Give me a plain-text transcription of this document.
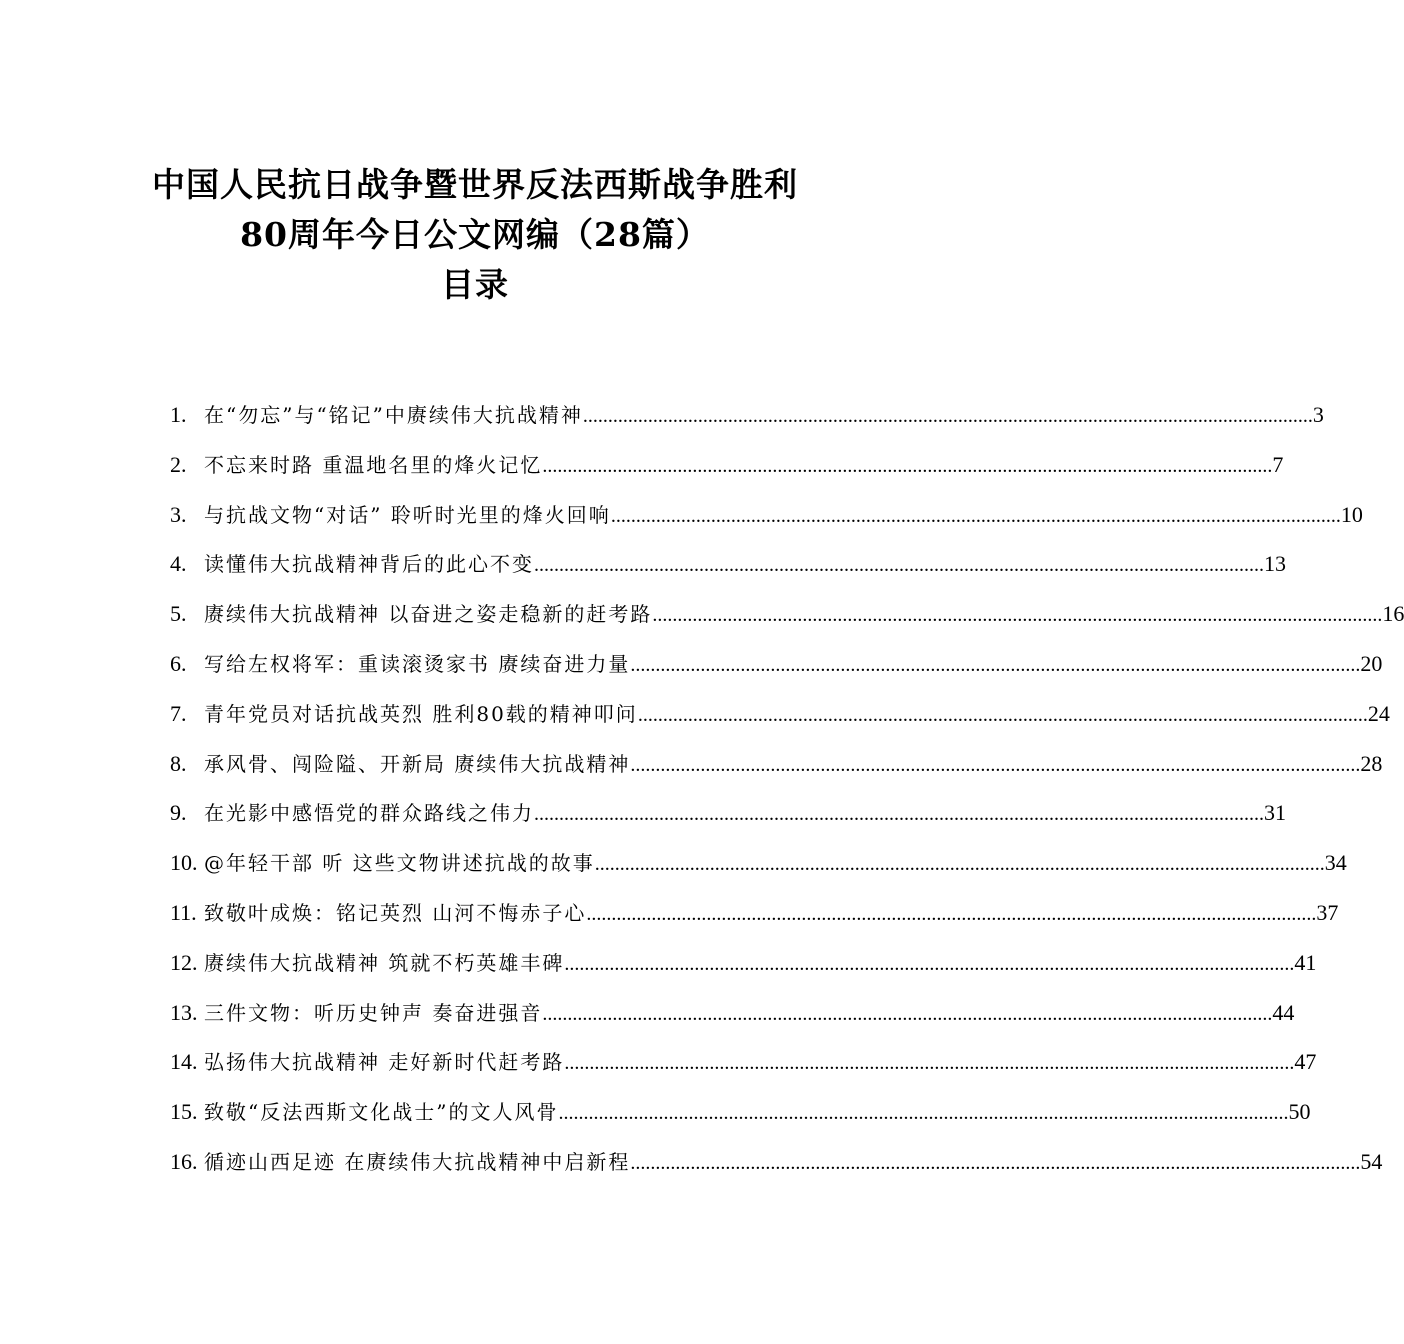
中国人民抗日战争暨世界反法西斯战争胜利
80周年今日公文网编（28篇）
目录
1. 在“勿忘”与“铭记”中赓续伟大抗战精神 .....	3
2. 不忘来时路 重温地名里的烽火记忆 .....	7
3. 与抗战文物“对话” 聆听时光里的烽火回响 .....	10
4. 读懂伟大抗战精神背后的此心不变 .....	13
5. 赓续伟大抗战精神 以奋进之姿走稳新的赶考路 .....	16
6. 写给左权将军：重读滚烫家书 赓续奋进力量 .....	20
7. 青年党员对话抗战英烈 胜利80载的精神叩问 .....	24
8. 承风骨、闯险隘、开新局 赓续伟大抗战精神 .....	28
9. 在光影中感悟党的群众路线之伟力 .....	31
10. @年轻干部 听 这些文物讲述抗战的故事 .....	34
11. 致敬叶成焕：铭记英烈 山河不悔赤子心 .....	37
12. 赓续伟大抗战精神 筑就不朽英雄丰碑 .....	41
13. 三件文物：听历史钟声 奏奋进强音 .....	44
14. 弘扬伟大抗战精神 走好新时代赶考路 .....	47
15. 致敬“反法西斯文化战士”的文人风骨 .....	50
16. 循迹山西足迹 在赓续伟大抗战精神中启新程 .....	54
